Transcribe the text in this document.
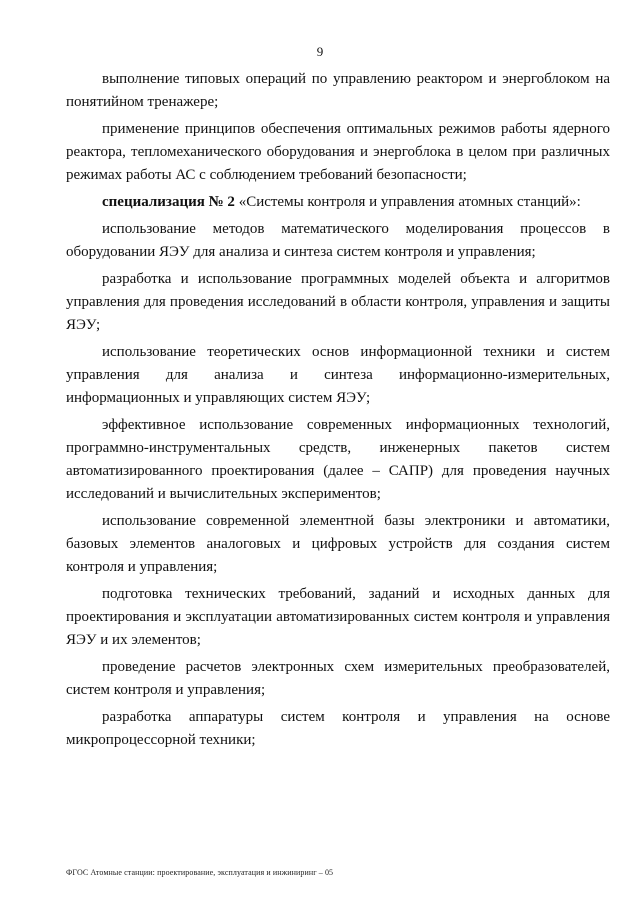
9

выполнение типовых операций по управлению реактором и энергоблоком на понятийном тренажере;

применение принципов обеспечения оптимальных режимов работы ядерного реактора, тепломеханического оборудования и энергоблока в целом при различных режимах работы АС с соблюдением требований безопасности;

специализация № 2 «Системы контроля и управления атомных станций»:

использование методов математического моделирования процессов в оборудовании ЯЭУ для анализа и синтеза систем контроля и управления;

разработка и использование программных моделей объекта и алгоритмов управления для проведения исследований в области контроля, управления и защиты ЯЭУ;

использование теоретических основ информационной техники и систем управления для анализа и синтеза информационно-измерительных, информационных и управляющих систем ЯЭУ;

эффективное использование современных информационных технологий, программно-инструментальных средств, инженерных пакетов систем автоматизированного проектирования (далее – САПР) для проведения научных исследований и вычислительных экспериментов;

использование современной элементной базы электроники и автоматики, базовых элементов аналоговых и цифровых устройств для создания систем контроля и управления;

подготовка технических требований, заданий и исходных данных для проектирования и эксплуатации автоматизированных систем контроля и управления ЯЭУ и их элементов;

проведение расчетов электронных схем измерительных преобразователей, систем контроля и управления;

разработка аппаратуры систем контроля и управления на основе микропроцессорной техники;

ФГОС Атомные станции: проектирование, эксплуатация и инжиниринг – 05
